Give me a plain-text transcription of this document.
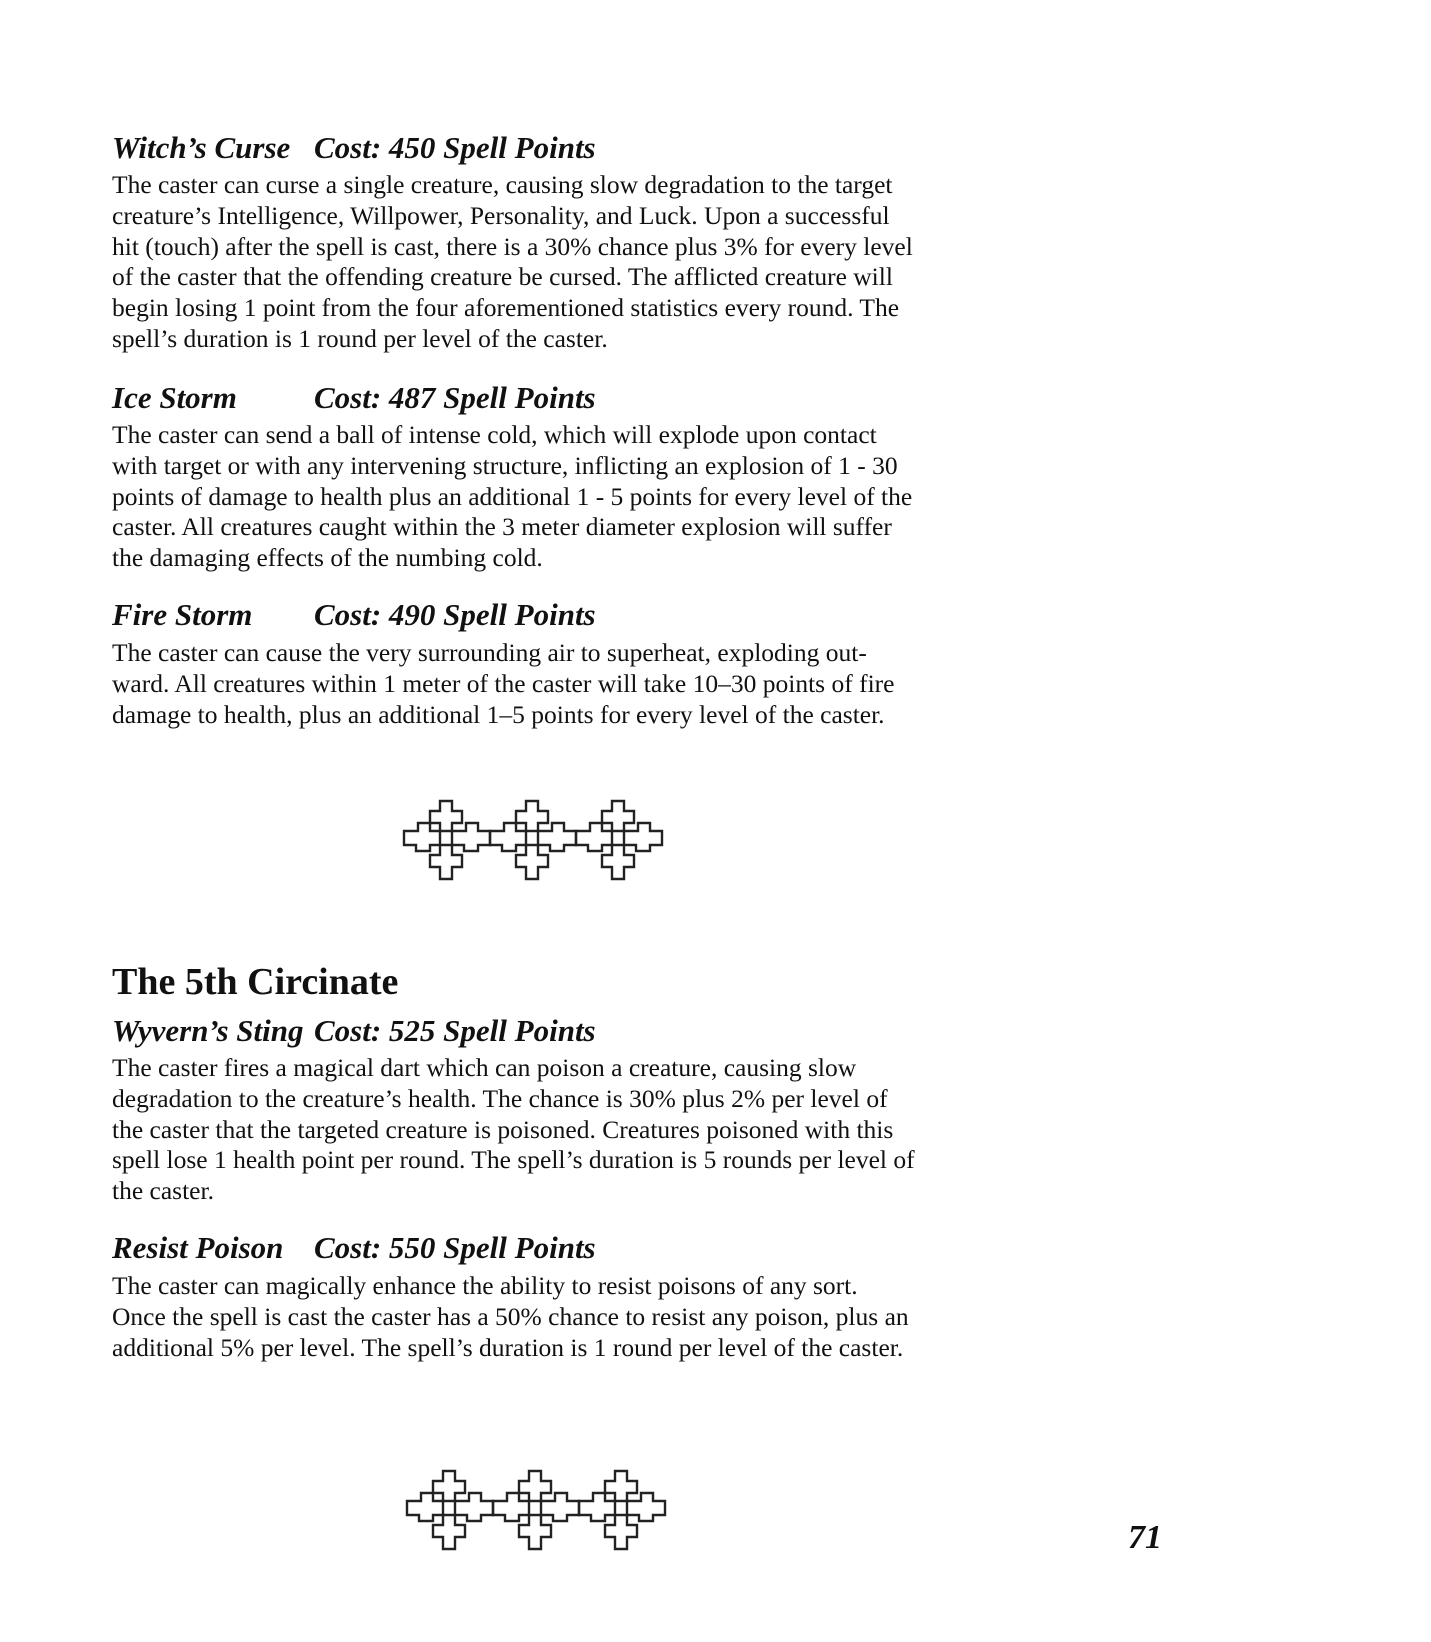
Witch’s Curse Cost: 450 Spell Points
The caster can curse a single creature, causing slow degradation to the target
creature’s Intelligence, Willpower, Personality, and Luck. Upon a successful
hit (touch) after the spell is cast, there is a 30% chance plus 3% for every level
of the caster that the offending creature be cursed. The afflicted creature will
begin losing 1 point from the four aforementioned statistics every round. The
spell’s duration is 1 round per level of the caster.
Ice Storm Cost: 487 Spell Points
The caster can send a ball of intense cold, which will explode upon contact
with target or with any intervening structure, inflicting an explosion of 1 - 30
points of damage to health plus an additional 1 - 5 points for every level of the
caster. All creatures caught within the 3 meter diameter explosion will suffer
the damaging effects of the numbing cold.
Fire Storm Cost: 490 Spell Points
The caster can cause the very surrounding air to superheat, exploding out-
ward. All creatures within 1 meter of the caster will take 10–30 points of fire
damage to health, plus an additional 1–5 points for every level of the caster.
The 5th Circinate
Wyvern’s Sting Cost: 525 Spell Points
The caster fires a magical dart which can poison a creature, causing slow
degradation to the creature’s health. The chance is 30% plus 2% per level of
the caster that the targeted creature is poisoned. Creatures poisoned with this
spell lose 1 health point per round. The spell’s duration is 5 rounds per level of
the caster.
Resist Poison Cost: 550 Spell Points
The caster can magically enhance the ability to resist poisons of any sort.
Once the spell is cast the caster has a 50% chance to resist any poison, plus an
additional 5% per level. The spell’s duration is 1 round per level of the caster.
71
